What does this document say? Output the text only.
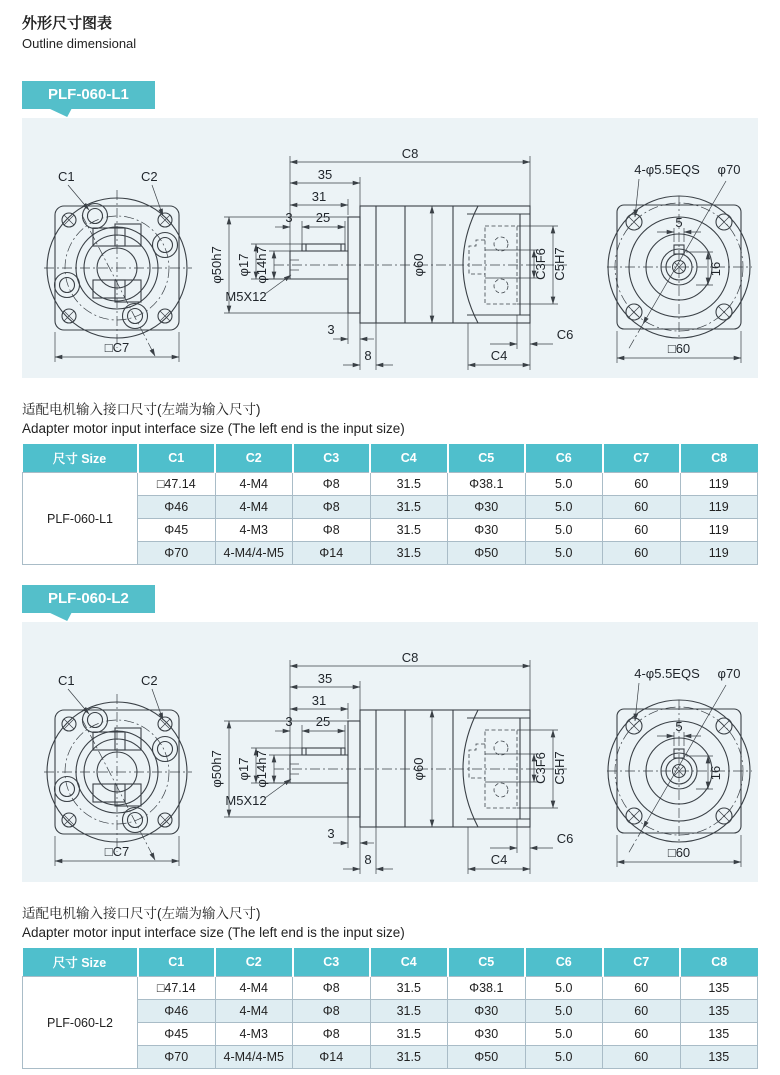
外形尺寸图表
Outline dimensional
PLF-060-L1
适配电机输入接口尺寸(左端为输入尺寸)
Adapter motor input interface size (The left end is the input size)
尺寸 Size	C1	C2	C3	C4	C5	C6	C7	C8
PLF-060-L1	□47.14	4-M4	Φ8	31.5	Φ38.1	5.0	60	119
	Φ46	4-M4	Φ8	31.5	Φ30	5.0	60	119
	Φ45	4-M3	Φ8	31.5	Φ30	5.0	60	119
	Φ70	4-M4/4-M5	Φ14	31.5	Φ50	5.0	60	119
PLF-060-L2
适配电机输入接口尺寸(左端为输入尺寸)
Adapter motor input interface size (The left end is the input size)
尺寸 Size	C1	C2	C3	C4	C5	C6	C7	C8
PLF-060-L2	□47.14	4-M4	Φ8	31.5	Φ38.1	5.0	60	135
	Φ46	4-M4	Φ8	31.5	Φ30	5.0	60	135
	Φ45	4-M3	Φ8	31.5	Φ30	5.0	60	135
	Φ70	4-M4/4-M5	Φ14	31.5	Φ50	5.0	60	135
